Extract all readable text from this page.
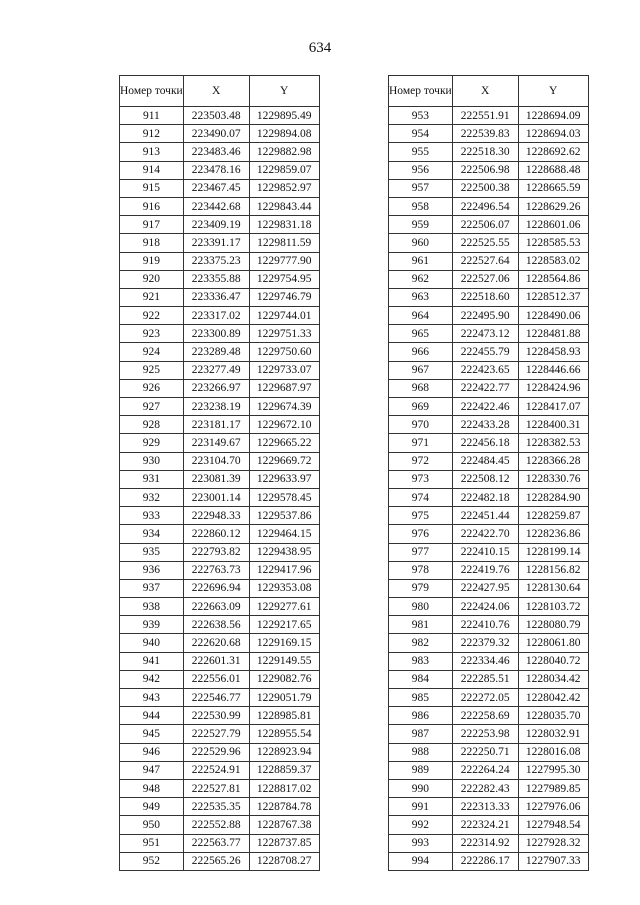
634
Номер точки	X	Y
911	223503.48	1229895.49
912	223490.07	1229894.08
913	223483.46	1229882.98
914	223478.16	1229859.07
915	223467.45	1229852.97
916	223442.68	1229843.44
917	223409.19	1229831.18
918	223391.17	1229811.59
919	223375.23	1229777.90
920	223355.88	1229754.95
921	223336.47	1229746.79
922	223317.02	1229744.01
923	223300.89	1229751.33
924	223289.48	1229750.60
925	223277.49	1229733.07
926	223266.97	1229687.97
927	223238.19	1229674.39
928	223181.17	1229672.10
929	223149.67	1229665.22
930	223104.70	1229669.72
931	223081.39	1229633.97
932	223001.14	1229578.45
933	222948.33	1229537.86
934	222860.12	1229464.15
935	222793.82	1229438.95
936	222763.73	1229417.96
937	222696.94	1229353.08
938	222663.09	1229277.61
939	222638.56	1229217.65
940	222620.68	1229169.15
941	222601.31	1229149.55
942	222556.01	1229082.76
943	222546.77	1229051.79
944	222530.99	1228985.81
945	222527.79	1228955.54
946	222529.96	1228923.94
947	222524.91	1228859.37
948	222527.81	1228817.02
949	222535.35	1228784.78
950	222552.88	1228767.38
951	222563.77	1228737.85
952	222565.26	1228708.27
Номер точки	X	Y
953	222551.91	1228694.09
954	222539.83	1228694.03
955	222518.30	1228692.62
956	222506.98	1228688.48
957	222500.38	1228665.59
958	222496.54	1228629.26
959	222506.07	1228601.06
960	222525.55	1228585.53
961	222527.64	1228583.02
962	222527.06	1228564.86
963	222518.60	1228512.37
964	222495.90	1228490.06
965	222473.12	1228481.88
966	222455.79	1228458.93
967	222423.65	1228446.66
968	222422.77	1228424.96
969	222422.46	1228417.07
970	222433.28	1228400.31
971	222456.18	1228382.53
972	222484.45	1228366.28
973	222508.12	1228330.76
974	222482.18	1228284.90
975	222451.44	1228259.87
976	222422.70	1228236.86
977	222410.15	1228199.14
978	222419.76	1228156.82
979	222427.95	1228130.64
980	222424.06	1228103.72
981	222410.76	1228080.79
982	222379.32	1228061.80
983	222334.46	1228040.72
984	222285.51	1228034.42
985	222272.05	1228042.42
986	222258.69	1228035.70
987	222253.98	1228032.91
988	222250.71	1228016.08
989	222264.24	1227995.30
990	222282.43	1227989.85
991	222313.33	1227976.06
992	222324.21	1227948.54
993	222314.92	1227928.32
994	222286.17	1227907.33
